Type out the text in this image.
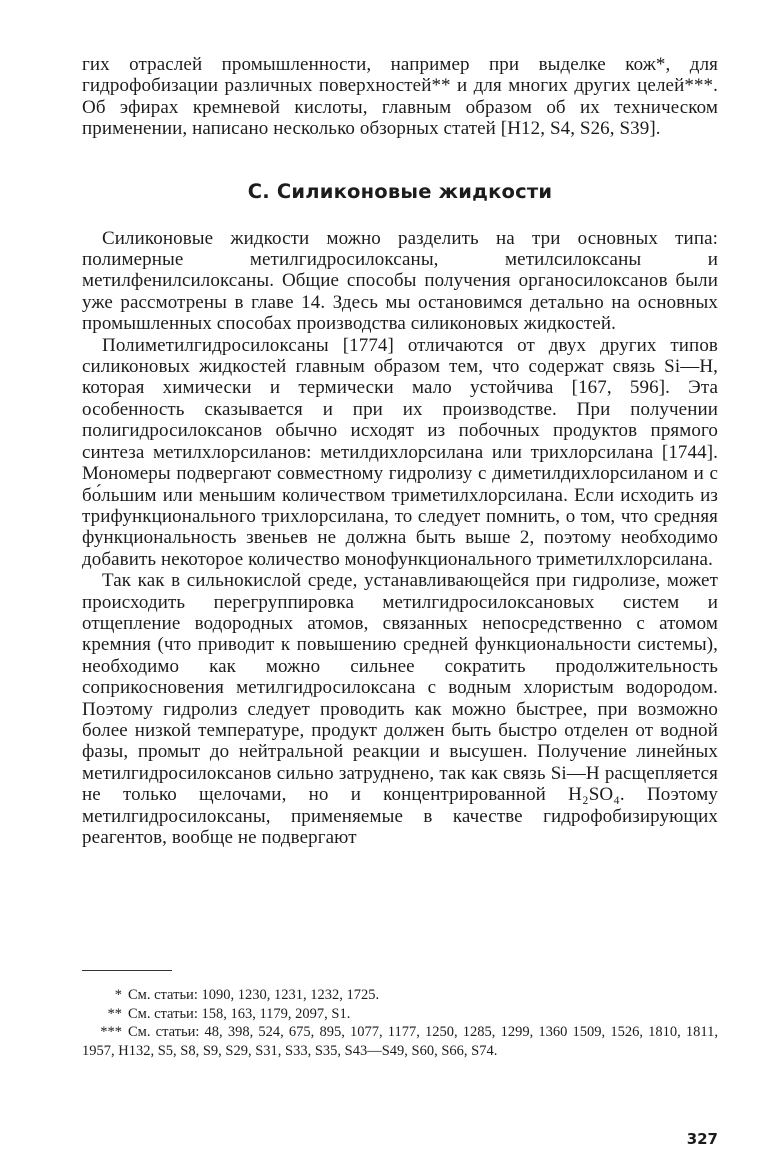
гих отраслей промышленности, например при выделке кож*, для гидрофобизации различных поверхностей** и для многих других целей***. Об эфирах кремневой кислоты, главным образом об их техническом применении, написано несколько обзорных статей [Н12, S4, S26, S39].

С. Силиконовые жидкости

Силиконовые жидкости можно разделить на три основных типа: полимерные метилгидросилоксаны, метилсилоксаны и метилфенилсилоксаны. Общие способы получения органосилоксанов были уже рассмотрены в главе 14. Здесь мы остановимся детально на основных промышленных способах производства силиконовых жидкостей.

Полиметилгидросилоксаны [1774] отличаются от двух других типов силиконовых жидкостей главным образом тем, что содержат связь Si—H, которая химически и термически мало устойчива [167, 596]. Эта особенность сказывается и при их производстве. При получении полигидросилоксанов обычно исходят из побочных продуктов прямого синтеза метилхлорсиланов: метилдихлорсилана или трихлорсилана [1744]. Мономеры подвергают совместному гидролизу с диметилдихлорсиланом и с бо́льшим или меньшим количеством триметилхлорсилана. Если исходить из трифункционального трихлорсилана, то следует помнить, о том, что средняя функциональность звеньев не должна быть выше 2, поэтому необходимо добавить некоторое количество монофункционального триметилхлорсилана.

Так как в сильнокислой среде, устанавливающейся при гидролизе, может происходить перегруппировка метилгидросилоксановых систем и отщепление водородных атомов, связанных непосредственно с атомом кремния (что приводит к повышению средней функциональности системы), необходимо как можно сильнее сократить продолжительность соприкосновения метилгидросилоксана с водным хлористым водородом. Поэтому гидролиз следует проводить как можно быстрее, при возможно более низкой температуре, продукт должен быть быстро отделен от водной фазы, промыт до нейтральной реакции и высушен. Получение линейных метилгидросилоксанов сильно затруднено, так как связь Si—H расщепляется не только щелочами, но и концентрированной H₂SO₄. Поэтому метилгидросилоксаны, применяемые в качестве гидрофобизирующих реагентов, вообще не подвергают

* См. статьи: 1090, 1230, 1231, 1232, 1725.

** См. статьи: 158, 163, 1179, 2097, S1.

*** См. статьи: 48, 398, 524, 675, 895, 1077, 1177, 1250, 1285, 1299, 1360 1509, 1526, 1810, 1811, 1957, Н132, S5, S8, S9, S29, S31, S33, S35, S43—S49, S60, S66, S74.

327
